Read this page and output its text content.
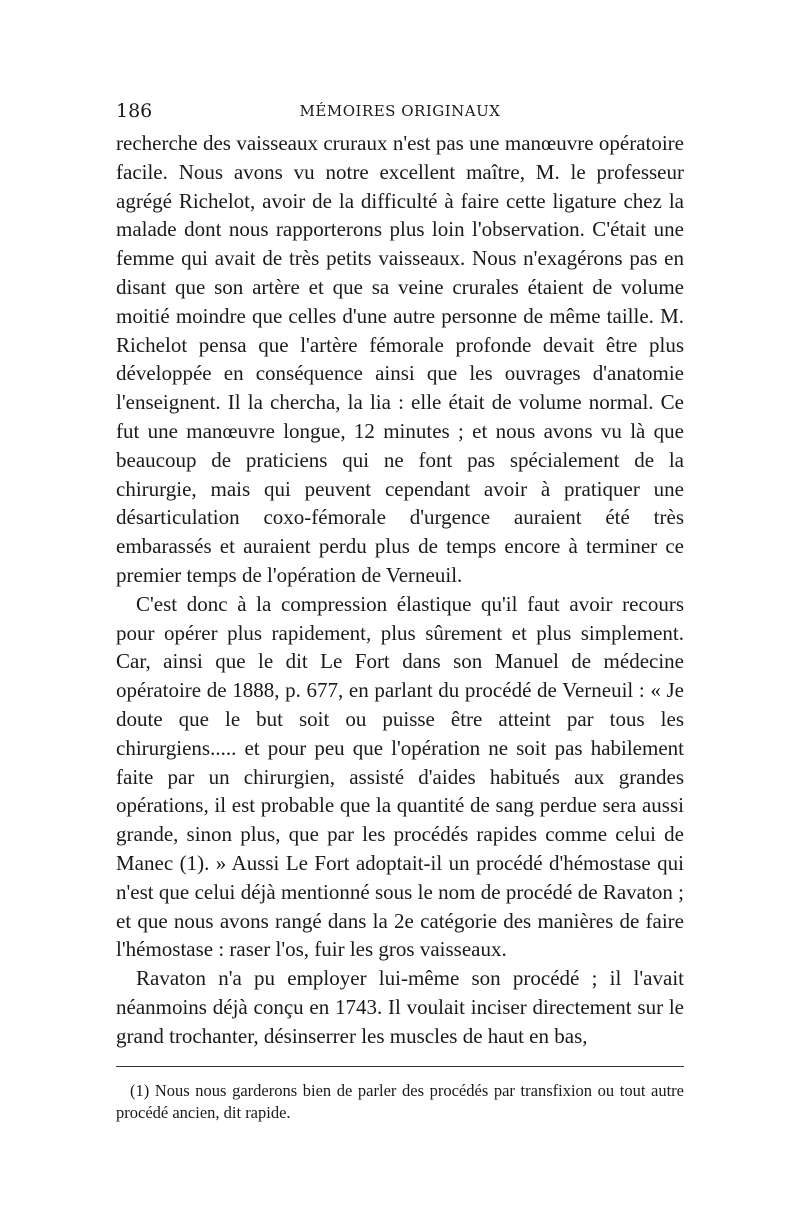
186	MÉMOIRES ORIGINAUX

recherche des vaisseaux cruraux n'est pas une manœuvre opératoire facile. Nous avons vu notre excellent maître, M. le professeur agrégé Richelot, avoir de la difficulté à faire cette ligature chez la malade dont nous rapporterons plus loin l'observation. C'était une femme qui avait de très petits vaisseaux. Nous n'exagérons pas en disant que son artère et que sa veine crurales étaient de volume moitié moindre que celles d'une autre personne de même taille. M. Richelot pensa que l'artère fémorale profonde devait être plus développée en conséquence ainsi que les ouvrages d'anatomie l'enseignent. Il la chercha, la lia : elle était de volume normal. Ce fut une manœuvre longue, 12 minutes ; et nous avons vu là que beaucoup de praticiens qui ne font pas spécialement de la chirurgie, mais qui peuvent cependant avoir à pratiquer une désarticulation coxo-fémorale d'urgence auraient été très embarassés et auraient perdu plus de temps encore à terminer ce premier temps de l'opération de Verneuil.

C'est donc à la compression élastique qu'il faut avoir recours pour opérer plus rapidement, plus sûrement et plus simplement. Car, ainsi que le dit Le Fort dans son Manuel de médecine opératoire de 1888, p. 677, en parlant du procédé de Verneuil : « Je doute que le but soit ou puisse être atteint par tous les chirurgiens..... et pour peu que l'opération ne soit pas habilement faite par un chirurgien, assisté d'aides habitués aux grandes opérations, il est probable que la quantité de sang perdue sera aussi grande, sinon plus, que par les procédés rapides comme celui de Manec (1). » Aussi Le Fort adoptait-il un procédé d'hémostase qui n'est que celui déjà mentionné sous le nom de procédé de Ravaton ; et que nous avons rangé dans la 2e catégorie des manières de faire l'hémostase : raser l'os, fuir les gros vaisseaux.

Ravaton n'a pu employer lui-même son procédé ; il l'avait néanmoins déjà conçu en 1743. Il voulait inciser directement sur le grand trochanter, désinserrer les muscles de haut en bas,

(1) Nous nous garderons bien de parler des procédés par transfixion ou tout autre procédé ancien, dit rapide.
